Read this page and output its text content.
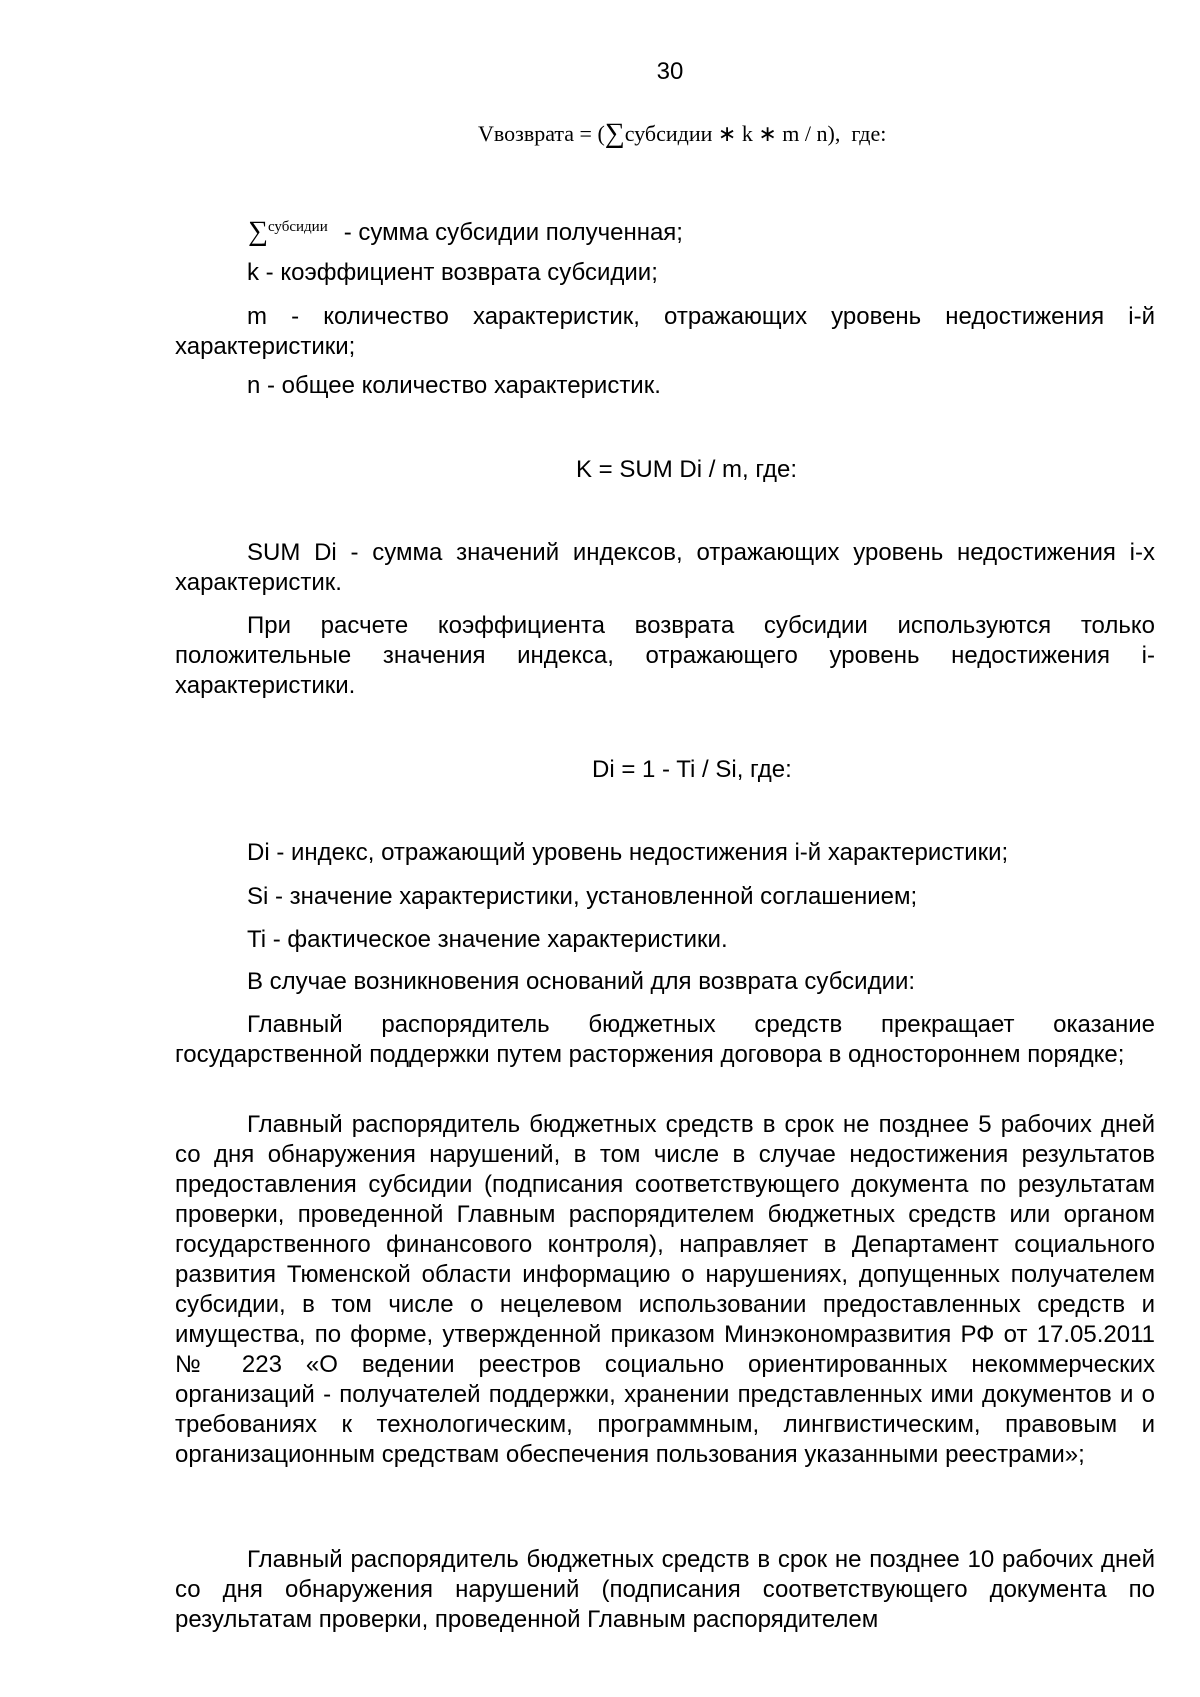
30
Vвозврата = (∑субсидии ∗ k ∗ m / n), где:
∑$^{субсидии}$ - сумма субсидии полученная;
k - коэффициент возврата субсидии;
m - количество характеристик, отражающих уровень недостижения i-й характеристики;
n - общее количество характеристик.
K = SUM Di / m, где:
SUM Di - сумма значений индексов, отражающих уровень недостижения i-х характеристик.
При расчете коэффициента возврата субсидии используются только положительные значения индекса, отражающего уровень недостижения i-характеристики.
Di = 1 - Ti / Si, где:
Di - индекс, отражающий уровень недостижения i-й характеристики;
Si - значение характеристики, установленной соглашением;
Ti - фактическое значение характеристики.
В случае возникновения оснований для возврата субсидии:
Главный распорядитель бюджетных средств прекращает оказание государственной поддержки путем расторжения договора в одностороннем порядке;
Главный распорядитель бюджетных средств в срок не позднее 5 рабочих дней со дня обнаружения нарушений, в том числе в случае недостижения результатов предоставления субсидии (подписания соответствующего документа по результатам проверки, проведенной Главным распорядителем бюджетных средств или органом государственного финансового контроля), направляет в Департамент социального развития Тюменской области информацию о нарушениях, допущенных получателем субсидии, в том числе о нецелевом использовании предоставленных средств и имущества, по форме, утвержденной приказом Минэкономразвития РФ от 17.05.2011 № 223 «О ведении реестров социально ориентированных некоммерческих организаций - получателей поддержки, хранении представленных ими документов и о требованиях к технологическим, программным, лингвистическим, правовым и организационным средствам обеспечения пользования указанными реестрами»;
Главный распорядитель бюджетных средств в срок не позднее 10 рабочих дней со дня обнаружения нарушений (подписания соответствующего документа по результатам проверки, проведенной Главным распорядителем
